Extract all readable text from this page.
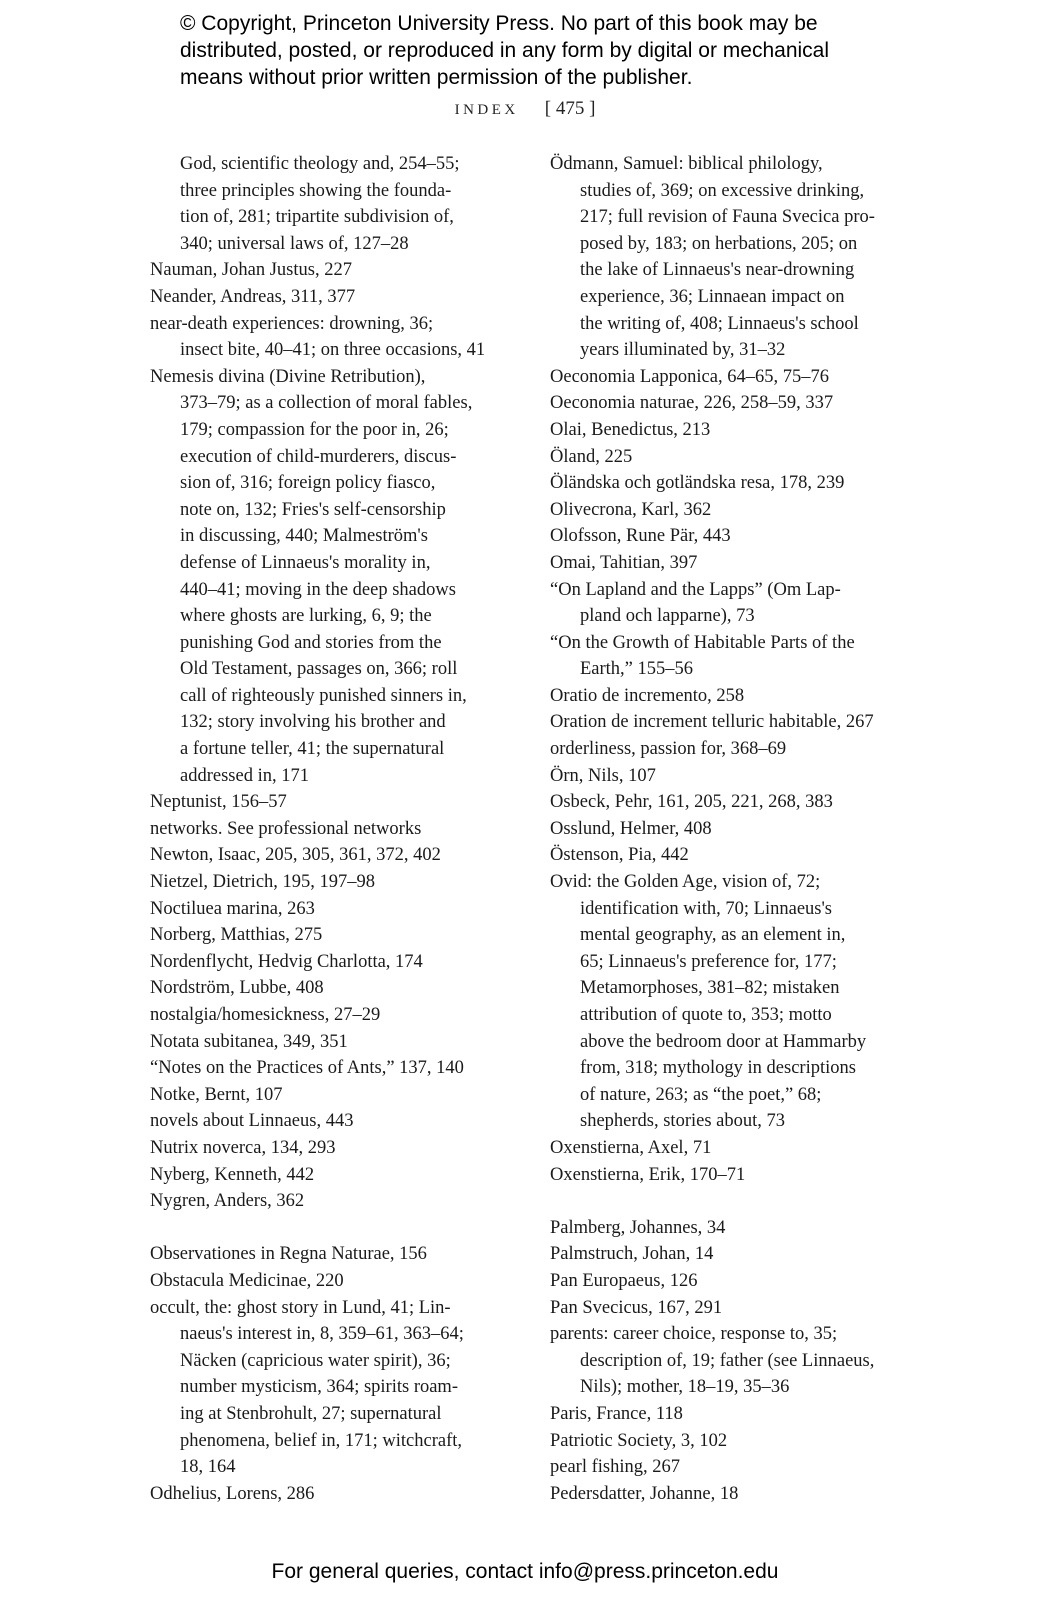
© Copyright, Princeton University Press. No part of this book may be
distributed, posted, or reproduced in any form by digital or mechanical
means without prior written permission of the publisher.
INDEX [ 475 ]
God, scientific theology and, 254–55;
three principles showing the founda-
tion of, 281; tripartite subdivision of,
340; universal laws of, 127–28
Nauman, Johan Justus, 227
Neander, Andreas, 311, 377
near-death experiences: drowning, 36;
insect bite, 40–41; on three occasions, 41
Nemesis divina (Divine Retribution),
373–79; as a collection of moral fables,
179; compassion for the poor in, 26;
execution of child-murderers, discus-
sion of, 316; foreign policy fiasco,
note on, 132; Fries's self-censorship
in discussing, 440; Malmeström's
defense of Linnaeus's morality in,
440–41; moving in the deep shadows
where ghosts are lurking, 6, 9; the
punishing God and stories from the
Old Testament, passages on, 366; roll
call of righteously punished sinners in,
132; story involving his brother and
a fortune teller, 41; the supernatural
addressed in, 171
Neptunist, 156–57
networks. See professional networks
Newton, Isaac, 205, 305, 361, 372, 402
Nietzel, Dietrich, 195, 197–98
Noctiluea marina, 263
Norberg, Matthias, 275
Nordenflycht, Hedvig Charlotta, 174
Nordström, Lubbe, 408
nostalgia/homesickness, 27–29
Notata subitanea, 349, 351
“Notes on the Practices of Ants,” 137, 140
Notke, Bernt, 107
novels about Linnaeus, 443
Nutrix noverca, 134, 293
Nyberg, Kenneth, 442
Nygren, Anders, 362
Observationes in Regna Naturae, 156
Obstacula Medicinae, 220
occult, the: ghost story in Lund, 41; Lin-
naeus's interest in, 8, 359–61, 363–64;
Näcken (capricious water spirit), 36;
number mysticism, 364; spirits roam-
ing at Stenbrohult, 27; supernatural
phenomena, belief in, 171; witchcraft,
18, 164
Odhelius, Lorens, 286
Ödmann, Samuel: biblical philology,
studies of, 369; on excessive drinking,
217; full revision of Fauna Svecica pro-
posed by, 183; on herbations, 205; on
the lake of Linnaeus's near-drowning
experience, 36; Linnaean impact on
the writing of, 408; Linnaeus's school
years illuminated by, 31–32
Oeconomia Lapponica, 64–65, 75–76
Oeconomia naturae, 226, 258–59, 337
Olai, Benedictus, 213
Öland, 225
Öländska och gotländska resa, 178, 239
Olivecrona, Karl, 362
Olofsson, Rune Pär, 443
Omai, Tahitian, 397
“On Lapland and the Lapps” (Om Lap-
pland och lapparne), 73
“On the Growth of Habitable Parts of the
Earth,” 155–56
Oratio de incremento, 258
Oration de increment telluric habitable, 267
orderliness, passion for, 368–69
Örn, Nils, 107
Osbeck, Pehr, 161, 205, 221, 268, 383
Osslund, Helmer, 408
Östenson, Pia, 442
Ovid: the Golden Age, vision of, 72;
identification with, 70; Linnaeus's
mental geography, as an element in,
65; Linnaeus's preference for, 177;
Metamorphoses, 381–82; mistaken
attribution of quote to, 353; motto
above the bedroom door at Hammarby
from, 318; mythology in descriptions
of nature, 263; as “the poet,” 68;
shepherds, stories about, 73
Oxenstierna, Axel, 71
Oxenstierna, Erik, 170–71
Palmberg, Johannes, 34
Palmstruch, Johan, 14
Pan Europaeus, 126
Pan Svecicus, 167, 291
parents: career choice, response to, 35;
description of, 19; father (see Linnaeus,
Nils); mother, 18–19, 35–36
Paris, France, 118
Patriotic Society, 3, 102
pearl fishing, 267
Pedersdatter, Johanne, 18
For general queries, contact info@press.princeton.edu
